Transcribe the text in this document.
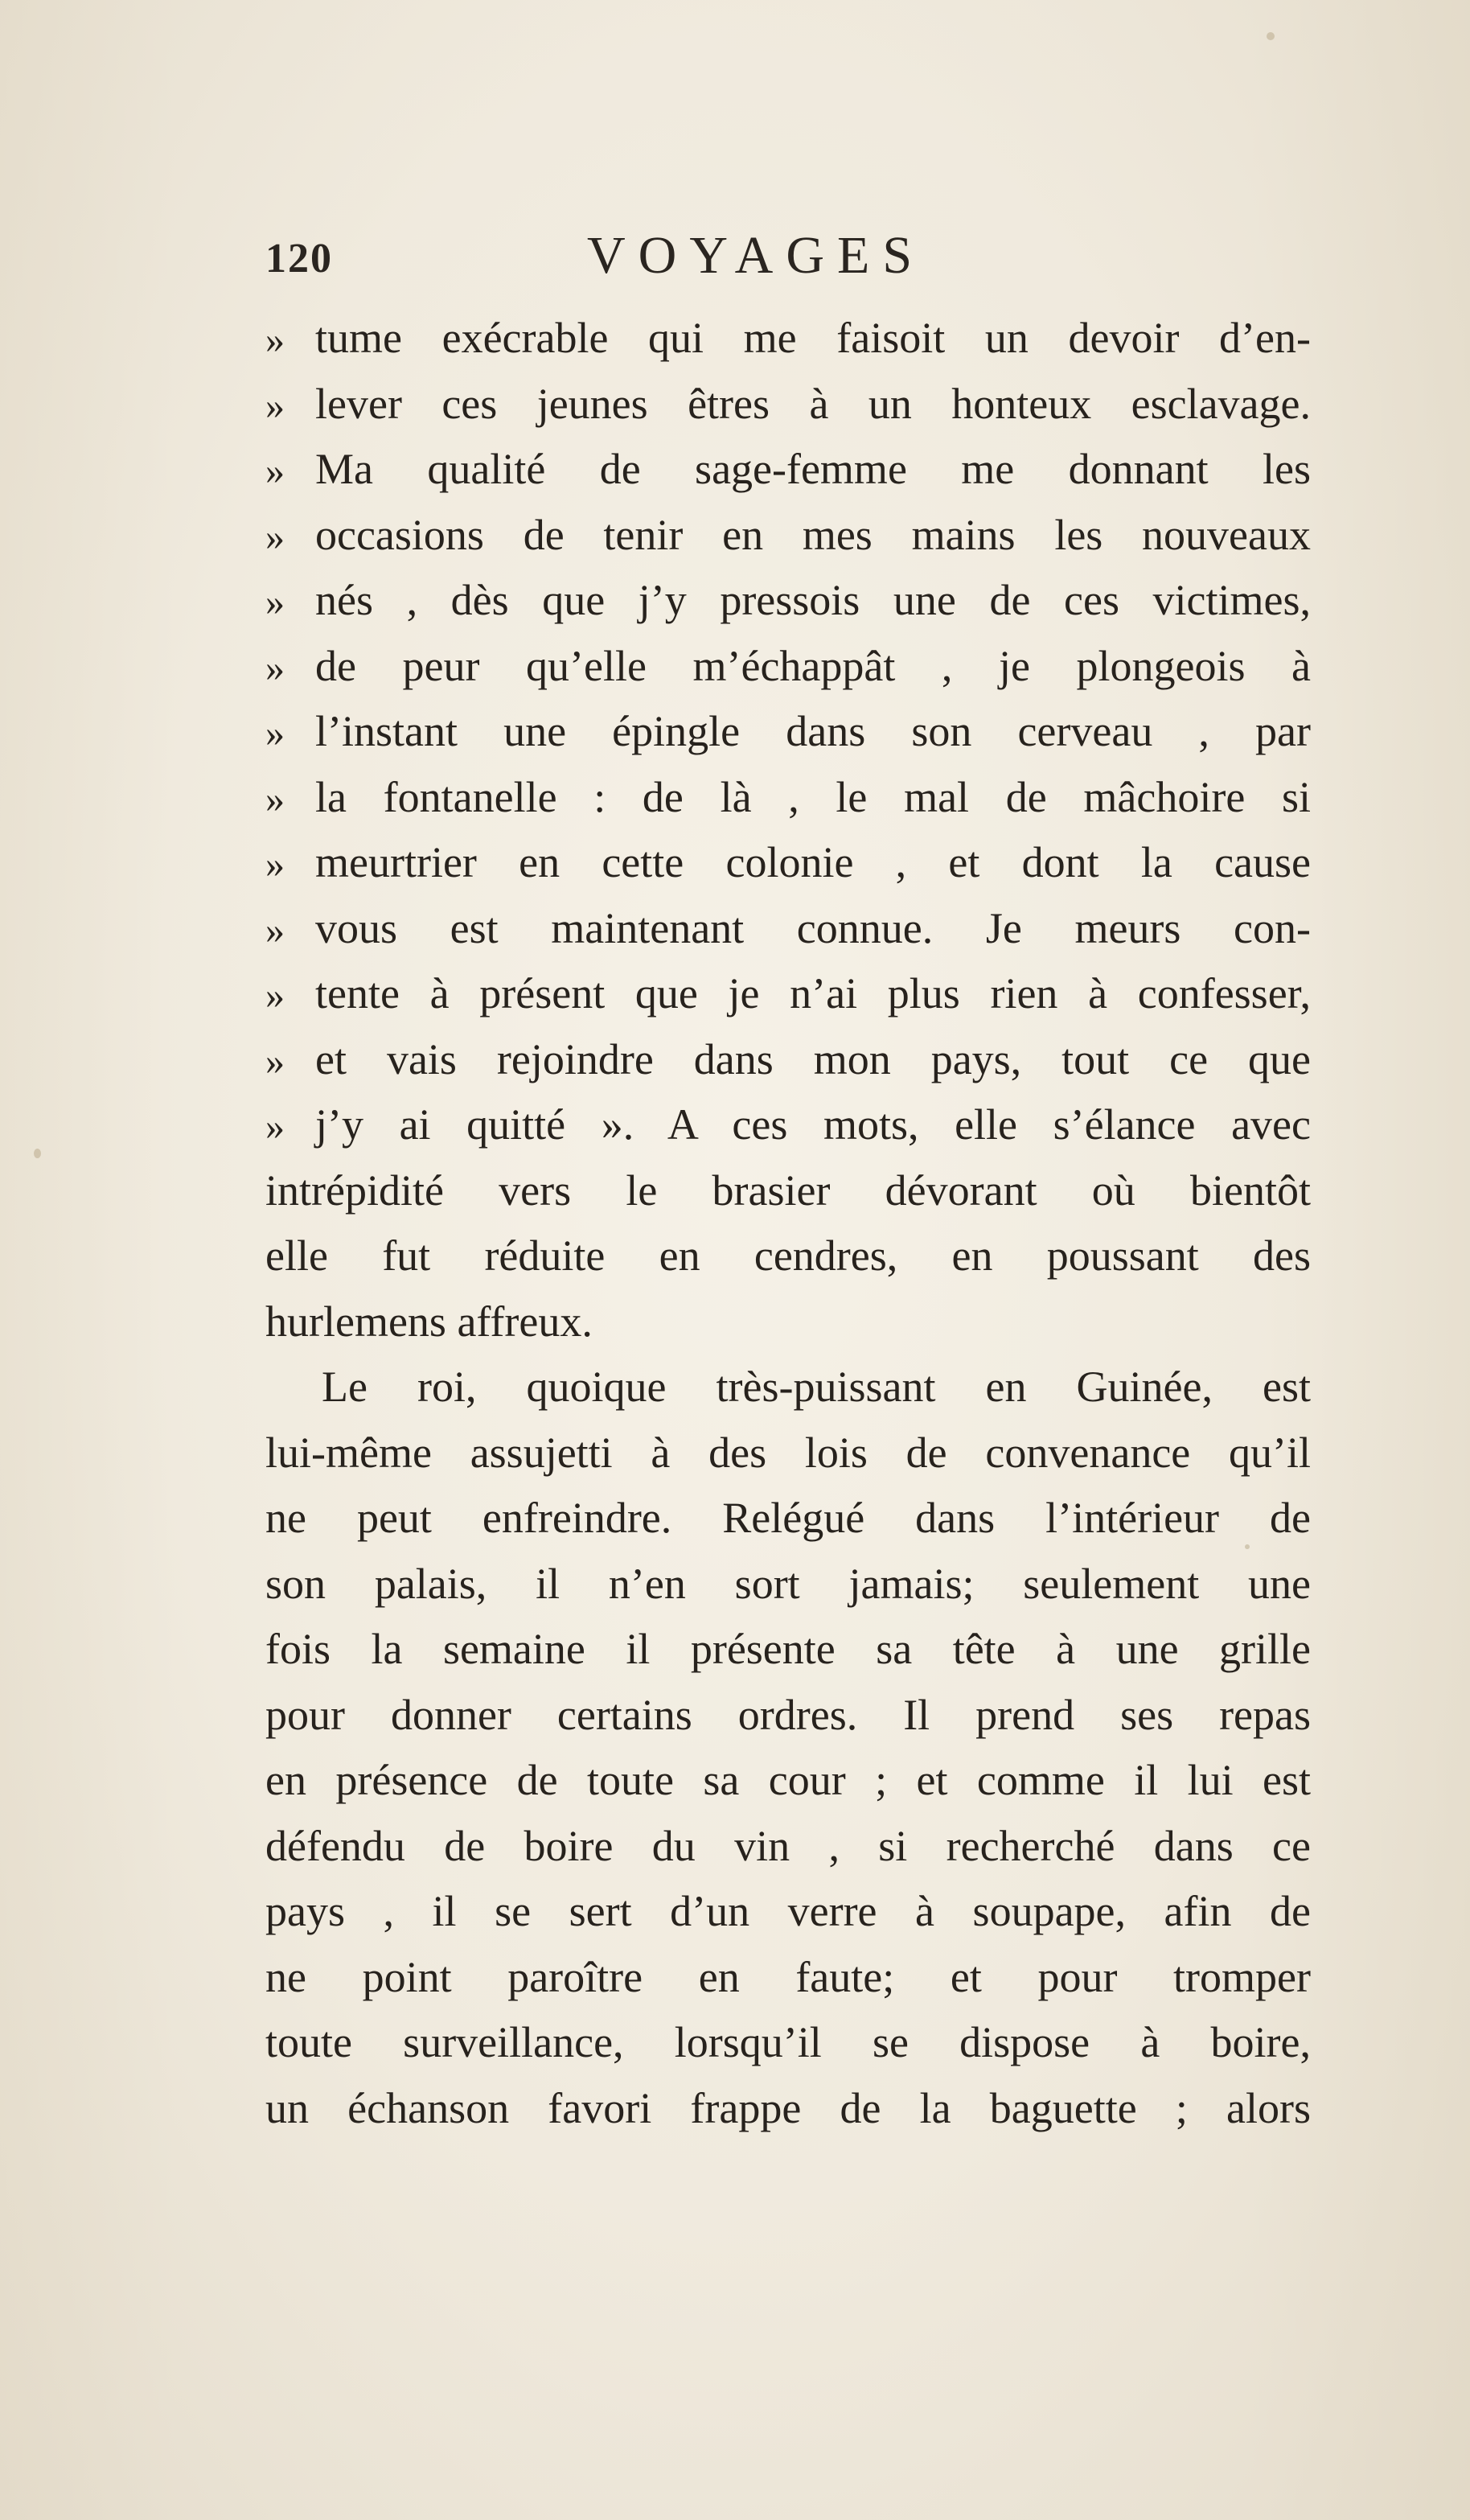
120	VOYAGES
» tume exécrable qui me faisoit un devoir d’en-
» lever ces jeunes êtres à un honteux esclavage.
» Ma qualité de sage-femme me donnant les
» occasions de tenir en mes mains les nouveaux
» nés , dès que j’y pressois une de ces victimes,
» de peur qu’elle m’échappât , je plongeois à
» l’instant une épingle dans son cerveau , par
» la fontanelle : de là , le mal de mâchoire si
» meurtrier en cette colonie , et dont la cause
» vous est maintenant connue. Je meurs con-
» tente à présent que je n’ai plus rien à confesser,
» et vais rejoindre dans mon pays, tout ce que
» j’y ai quitté ». A ces mots, elle s’élance avec
intrépidité vers le brasier dévorant où bientôt
elle fut réduite en cendres, en poussant des
hurlemens affreux.
Le roi, quoique très-puissant en Guinée, est
lui-même assujetti à des lois de convenance qu’il
ne peut enfreindre. Relégué dans l’intérieur de
son palais, il n’en sort jamais; seulement une
fois la semaine il présente sa tête à une grille
pour donner certains ordres. Il prend ses repas
en présence de toute sa cour ; et comme il lui est
défendu de boire du vin , si recherché dans ce
pays , il se sert d’un verre à soupape, afin de
ne point paroître en faute; et pour tromper
toute surveillance, lorsqu’il se dispose à boire,
un échanson favori frappe de la baguette ; alors
